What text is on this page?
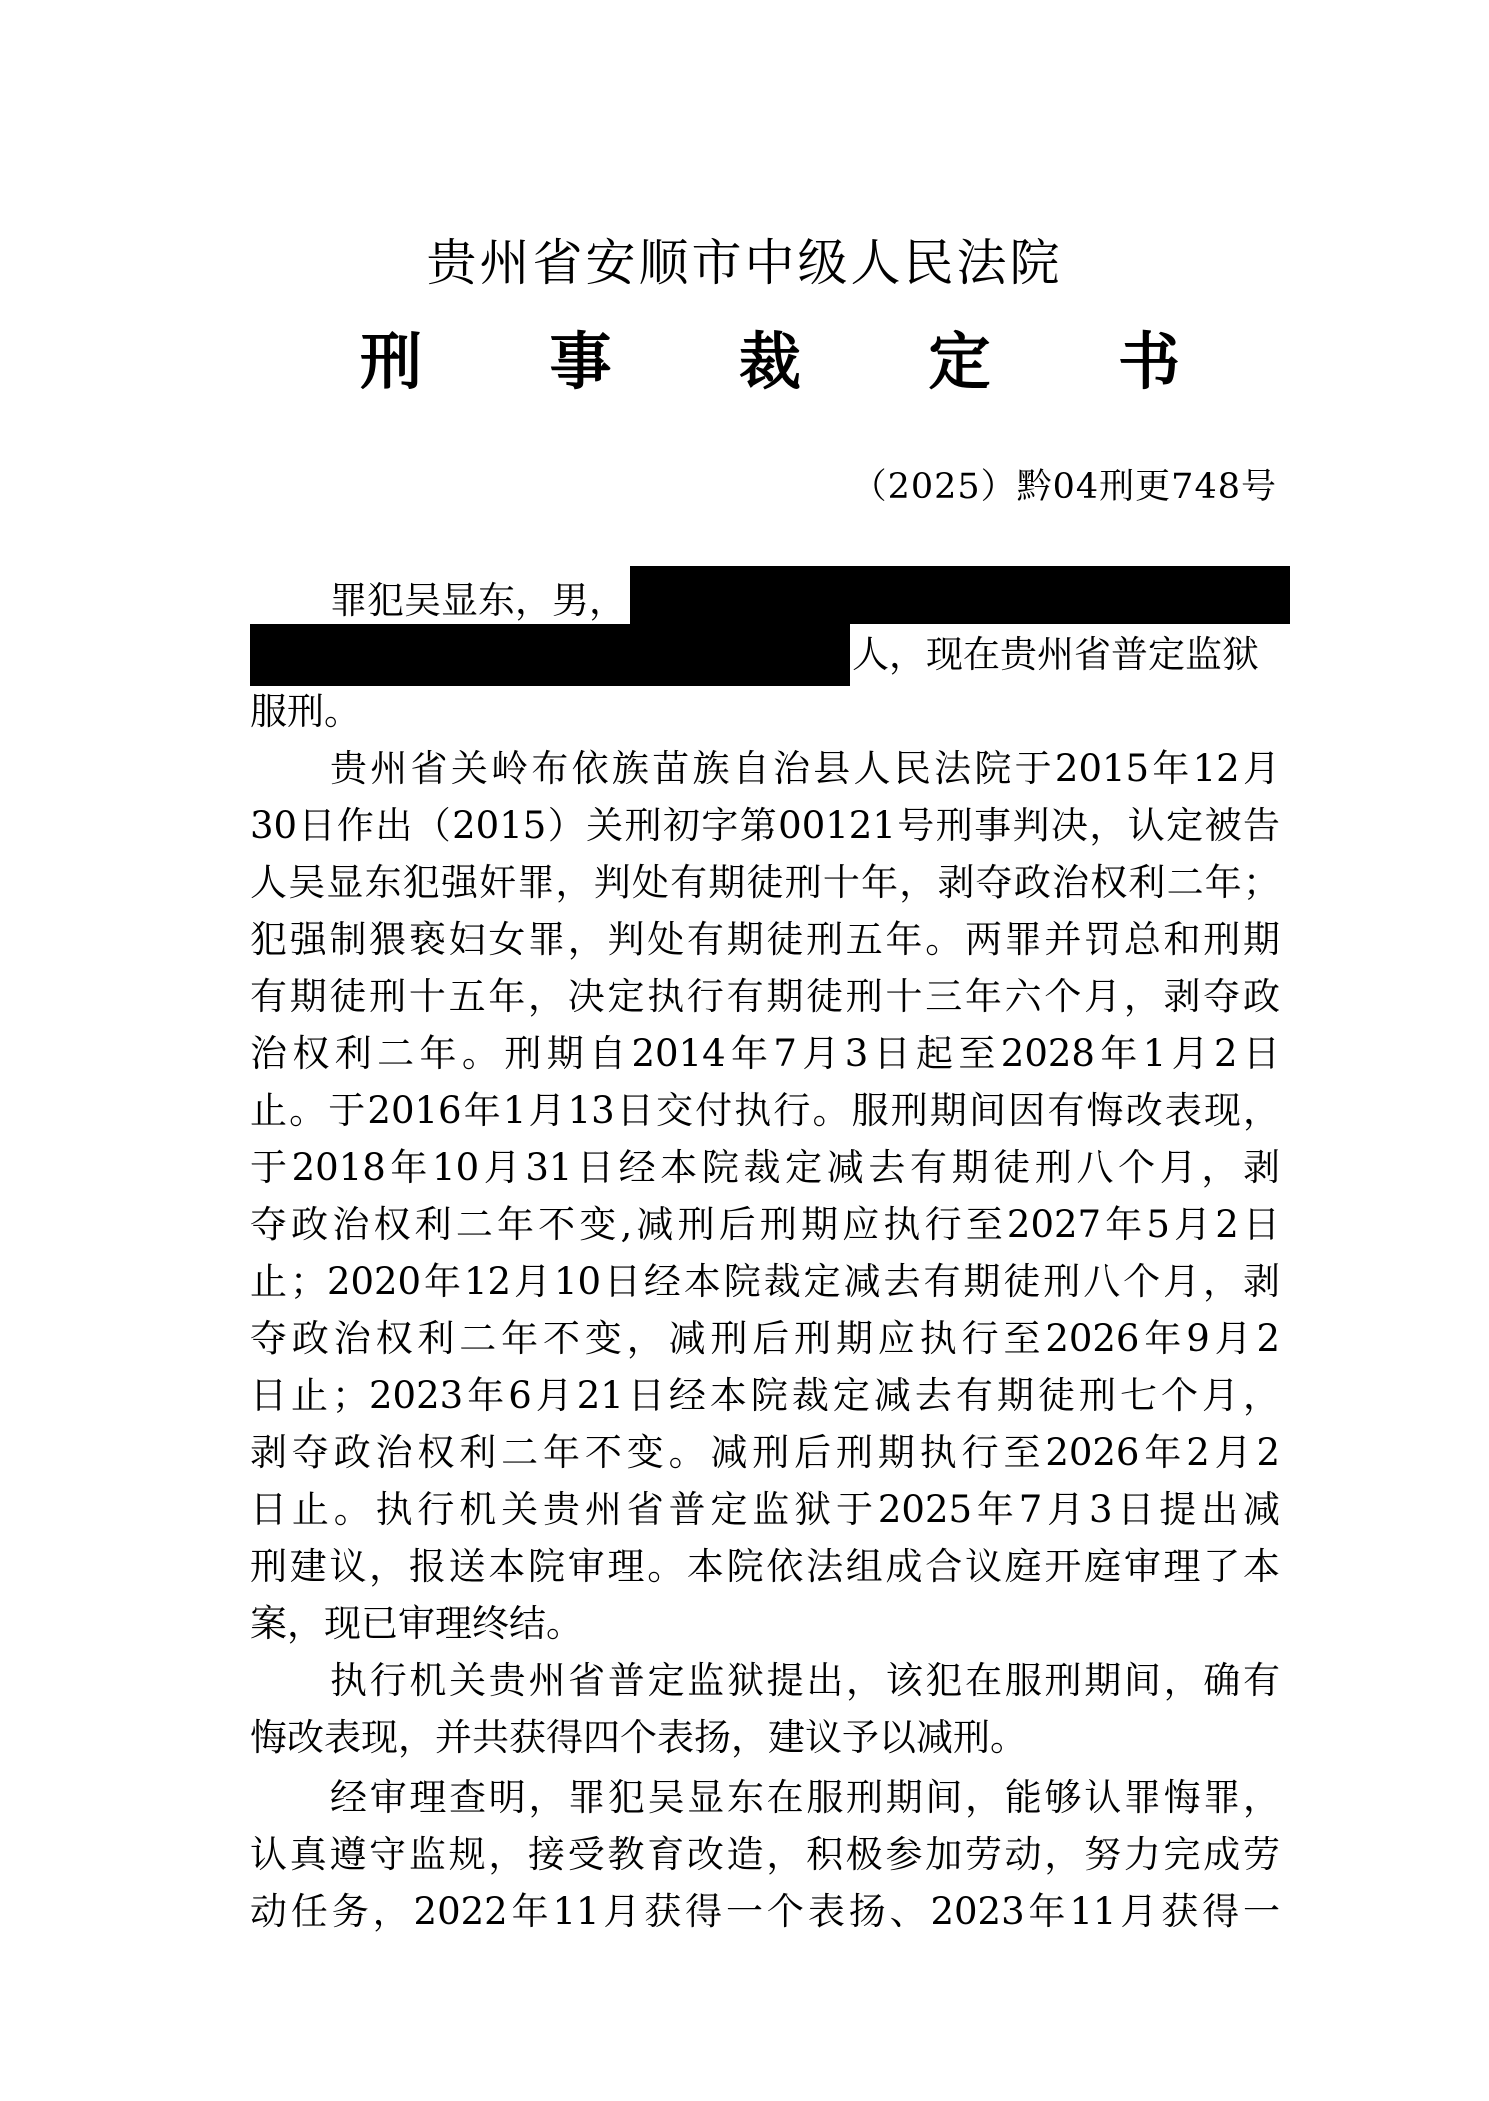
贵州省安顺市中级人民法院
刑 事 裁 定 书
（2025）黔04刑更748号
罪犯吴显东，男，
人，现在贵州省普定监狱
服刑。
贵州省关岭布依族苗族自治县人民法院于2015年12月
30日作出（2015）关刑初字第00121号刑事判决，认定被告
人吴显东犯强奸罪，判处有期徒刑十年，剥夺政治权利二年；
犯强制猥亵妇女罪，判处有期徒刑五年。两罪并罚总和刑期
有期徒刑十五年，决定执行有期徒刑十三年六个月，剥夺政
治权利二年。刑期自2014年7月3日起至2028年1月2日
止。于2016年1月13日交付执行。服刑期间因有悔改表现，
于2018年10月31日经本院裁定减去有期徒刑八个月，剥
夺政治权利二年不变,减刑后刑期应执行至2027年5月2日
止；2020年12月10日经本院裁定减去有期徒刑八个月，剥
夺政治权利二年不变，减刑后刑期应执行至2026年9月2
日止；2023年6月21日经本院裁定减去有期徒刑七个月，
剥夺政治权利二年不变。减刑后刑期执行至2026年2月2
日止。执行机关贵州省普定监狱于2025年7月3日提出减
刑建议，报送本院审理。本院依法组成合议庭开庭审理了本
案，现已审理终结。
执行机关贵州省普定监狱提出，该犯在服刑期间，确有
悔改表现，并共获得四个表扬，建议予以减刑。
经审理查明，罪犯吴显东在服刑期间，能够认罪悔罪，
认真遵守监规，接受教育改造，积极参加劳动，努力完成劳
动任务，2022年11月获得一个表扬、2023年11月获得一
